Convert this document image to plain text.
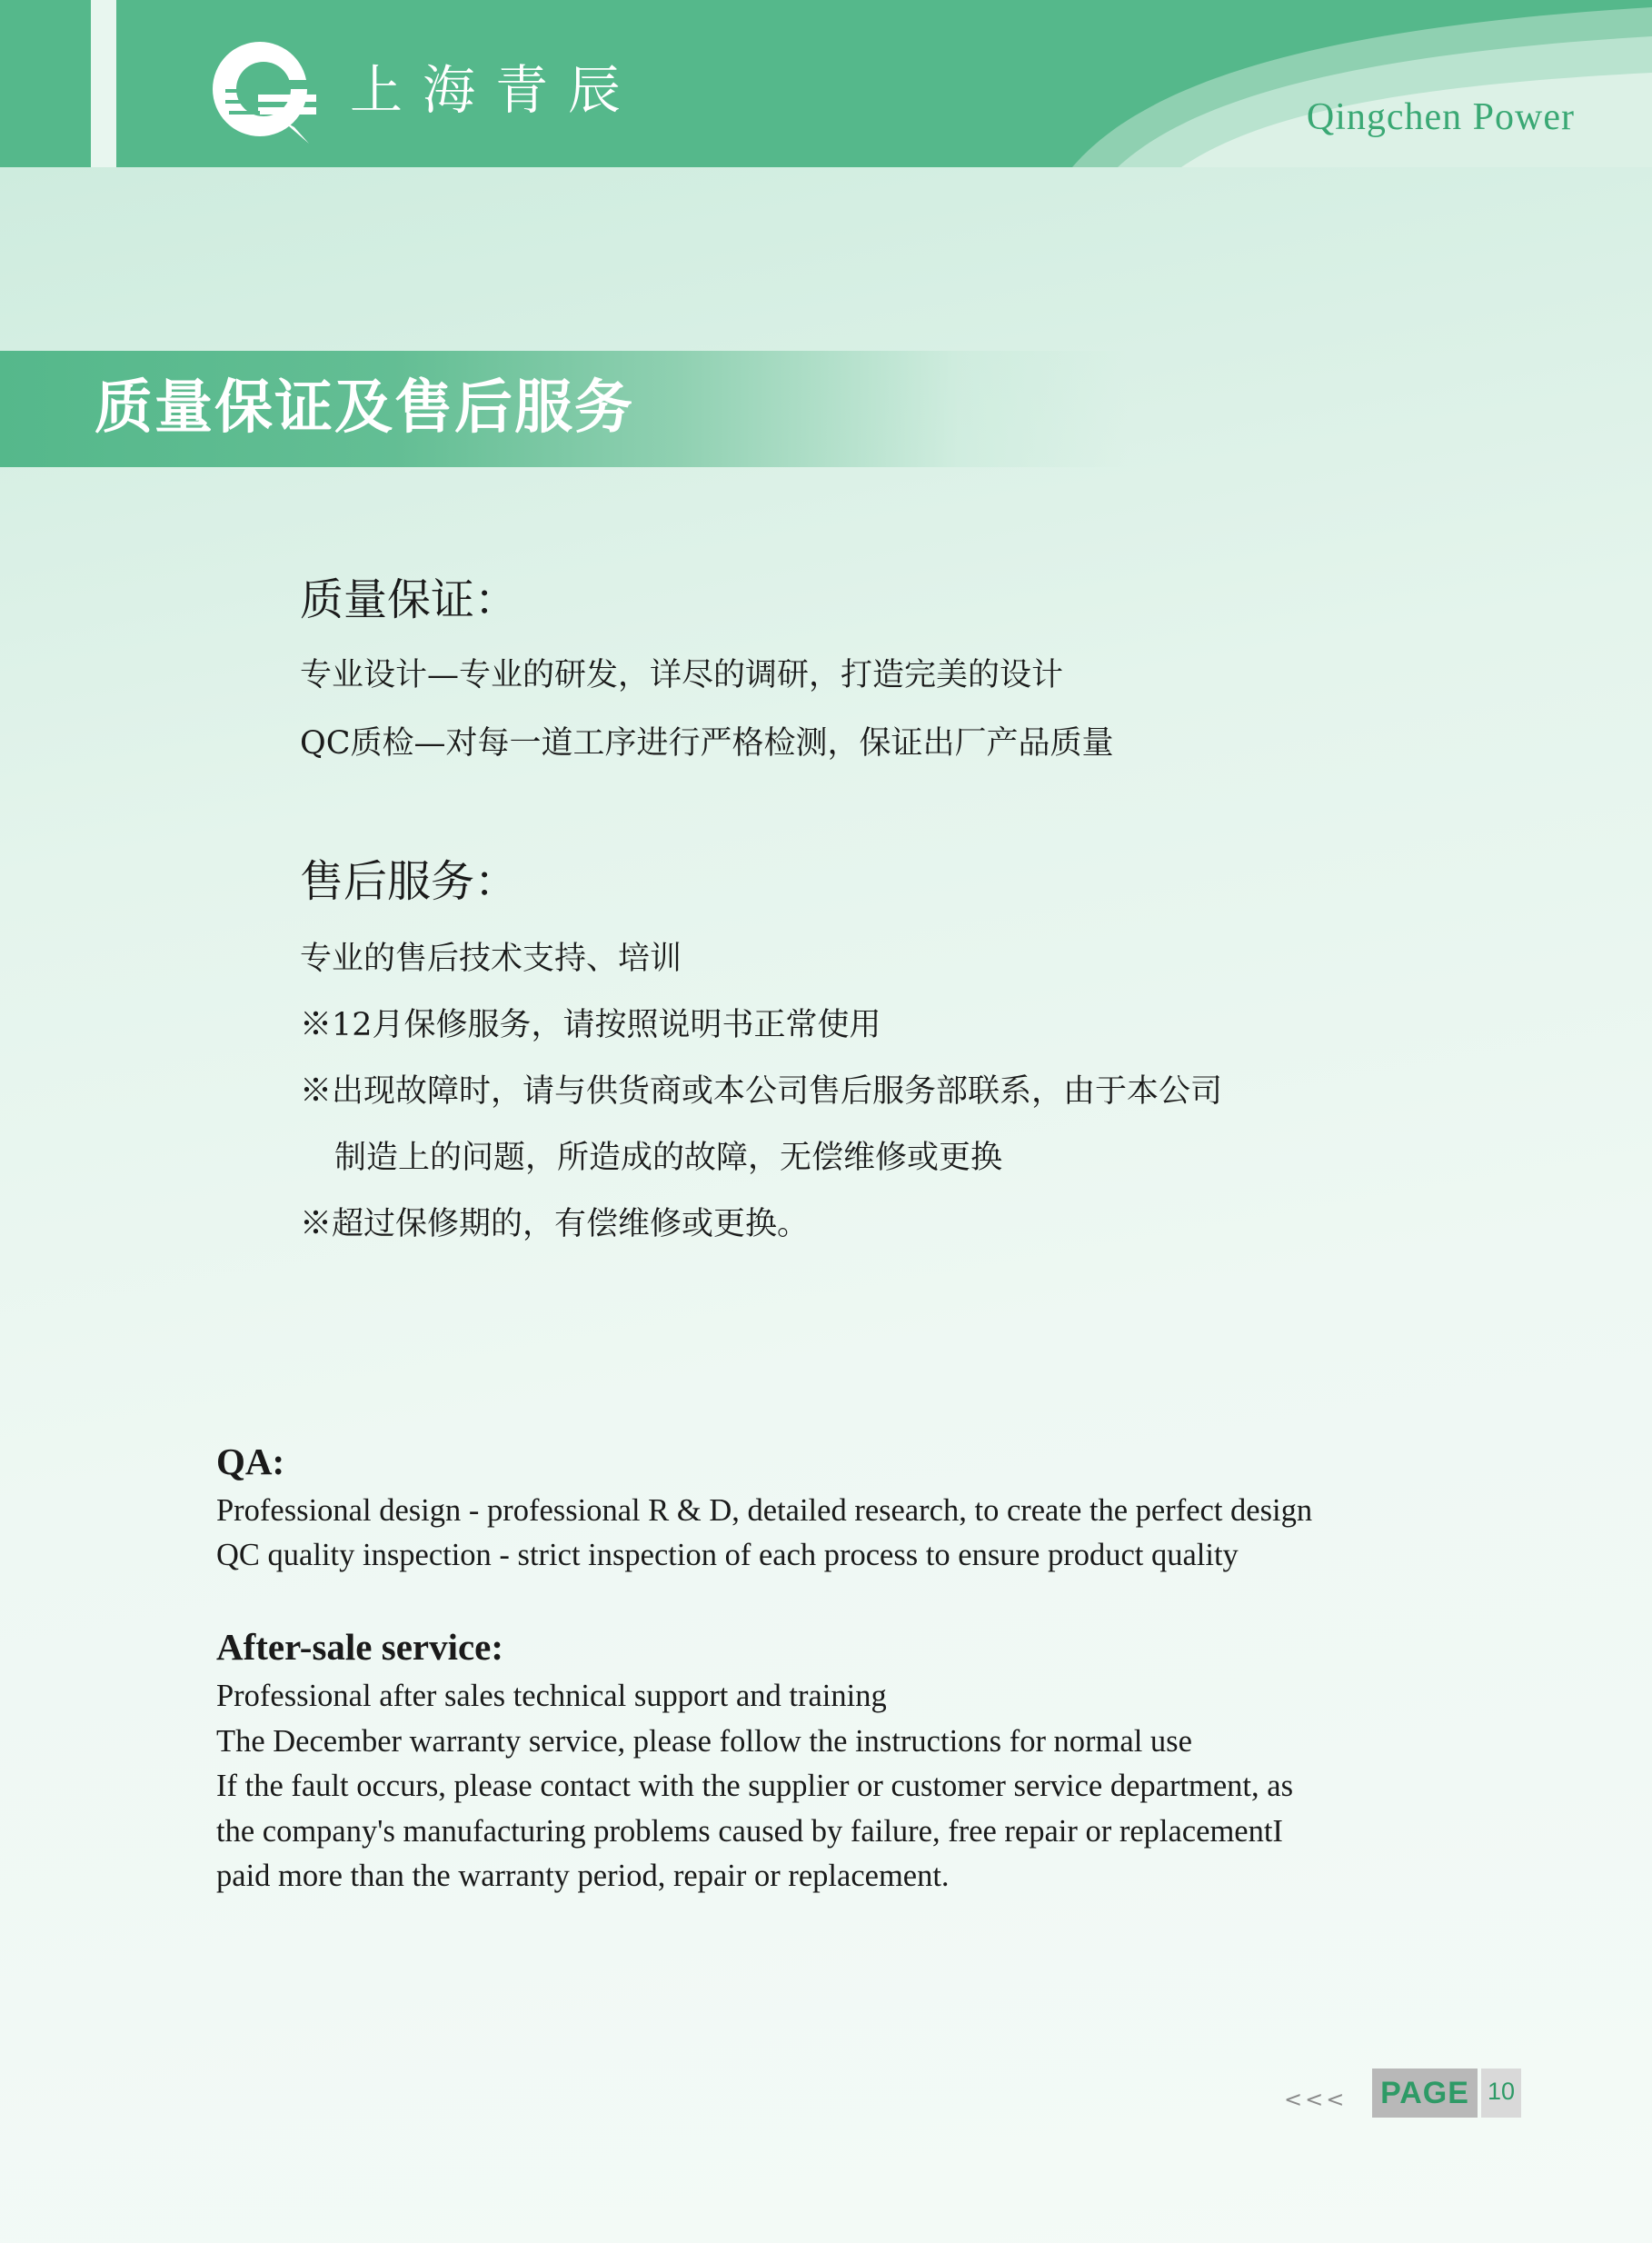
上海青辰	Qingchen Power
质量保证及售后服务
质量保证：
专业设计—专业的研发，详尽的调研，打造完美的设计
QC质检—对每一道工序进行严格检测，保证出厂产品质量
售后服务：
专业的售后技术支持、培训
※12月保修服务，请按照说明书正常使用
※出现故障时，请与供货商或本公司售后服务部联系，由于本公司
制造上的问题，所造成的故障，无偿维修或更换
※超过保修期的，有偿维修或更换。
QA:
Professional design - professional R & D, detailed research, to create the perfect design
QC quality inspection - strict inspection of each process to ensure product quality
After-sale service:
Professional after sales technical support and training
The December warranty service, please follow the instructions for normal use
If the fault occurs, please contact with the supplier or customer service department, as
the company's manufacturing problems caused by failure, free repair or replacementI
paid more than the warranty period, repair or replacement.
<<< PAGE 10
